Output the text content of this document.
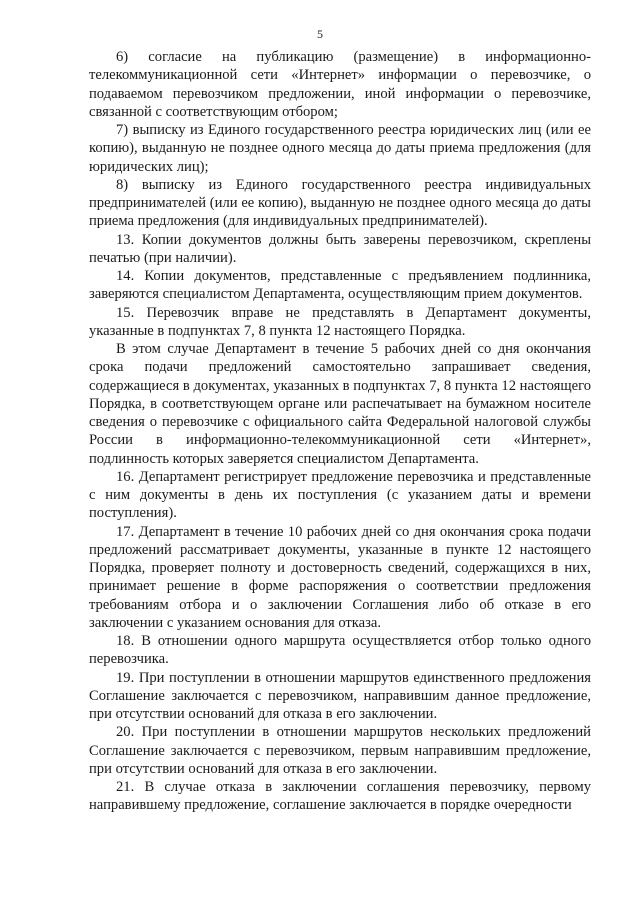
5

6) согласие на публикацию (размещение) в информационно-телекоммуникационной сети «Интернет» информации о перевозчике, о подаваемом перевозчиком предложении, иной информации о перевозчике, связанной с соответствующим отбором;

7) выписку из Единого государственного реестра юридических лиц (или ее копию), выданную не позднее одного месяца до даты приема предложения (для юридических лиц);

8) выписку из Единого государственного реестра индивидуальных предпринимателей (или ее копию), выданную не позднее одного месяца до даты приема предложения (для индивидуальных предпринимателей).

13. Копии документов должны быть заверены перевозчиком, скреплены печатью (при наличии).

14. Копии документов, представленные с предъявлением подлинника, заверяются специалистом Департамента, осуществляющим прием документов.

15. Перевозчик вправе не представлять в Департамент документы, указанные в подпунктах 7, 8 пункта 12 настоящего Порядка.

В этом случае Департамент в течение 5 рабочих дней со дня окончания срока подачи предложений самостоятельно запрашивает сведения, содержащиеся в документах, указанных в подпунктах 7, 8 пункта 12 настоящего Порядка, в соответствующем органе или распечатывает на бумажном носителе сведения о перевозчике с официального сайта Федеральной налоговой службы России в информационно-телекоммуникационной сети «Интернет», подлинность которых заверяется специалистом Департамента.

16. Департамент регистрирует предложение перевозчика и представленные с ним документы в день их поступления (с указанием даты и времени поступления).

17. Департамент в течение 10 рабочих дней со дня окончания срока подачи предложений рассматривает документы, указанные в пункте 12 настоящего Порядка, проверяет полноту и достоверность сведений, содержащихся в них, принимает решение в форме распоряжения о соответствии предложения требованиям отбора и о заключении Соглашения либо об отказе в его заключении с указанием основания для отказа.

18. В отношении одного маршрута осуществляется отбор только одного перевозчика.

19. При поступлении в отношении маршрутов единственного предложения Соглашение заключается с перевозчиком, направившим данное предложение, при отсутствии оснований для отказа в его заключении.

20. При поступлении в отношении маршрутов нескольких предложений Соглашение заключается с перевозчиком, первым направившим предложение, при отсутствии оснований для отказа в его заключении.

21. В случае отказа в заключении соглашения перевозчику, первому направившему предложение, соглашение заключается в порядке очередности
